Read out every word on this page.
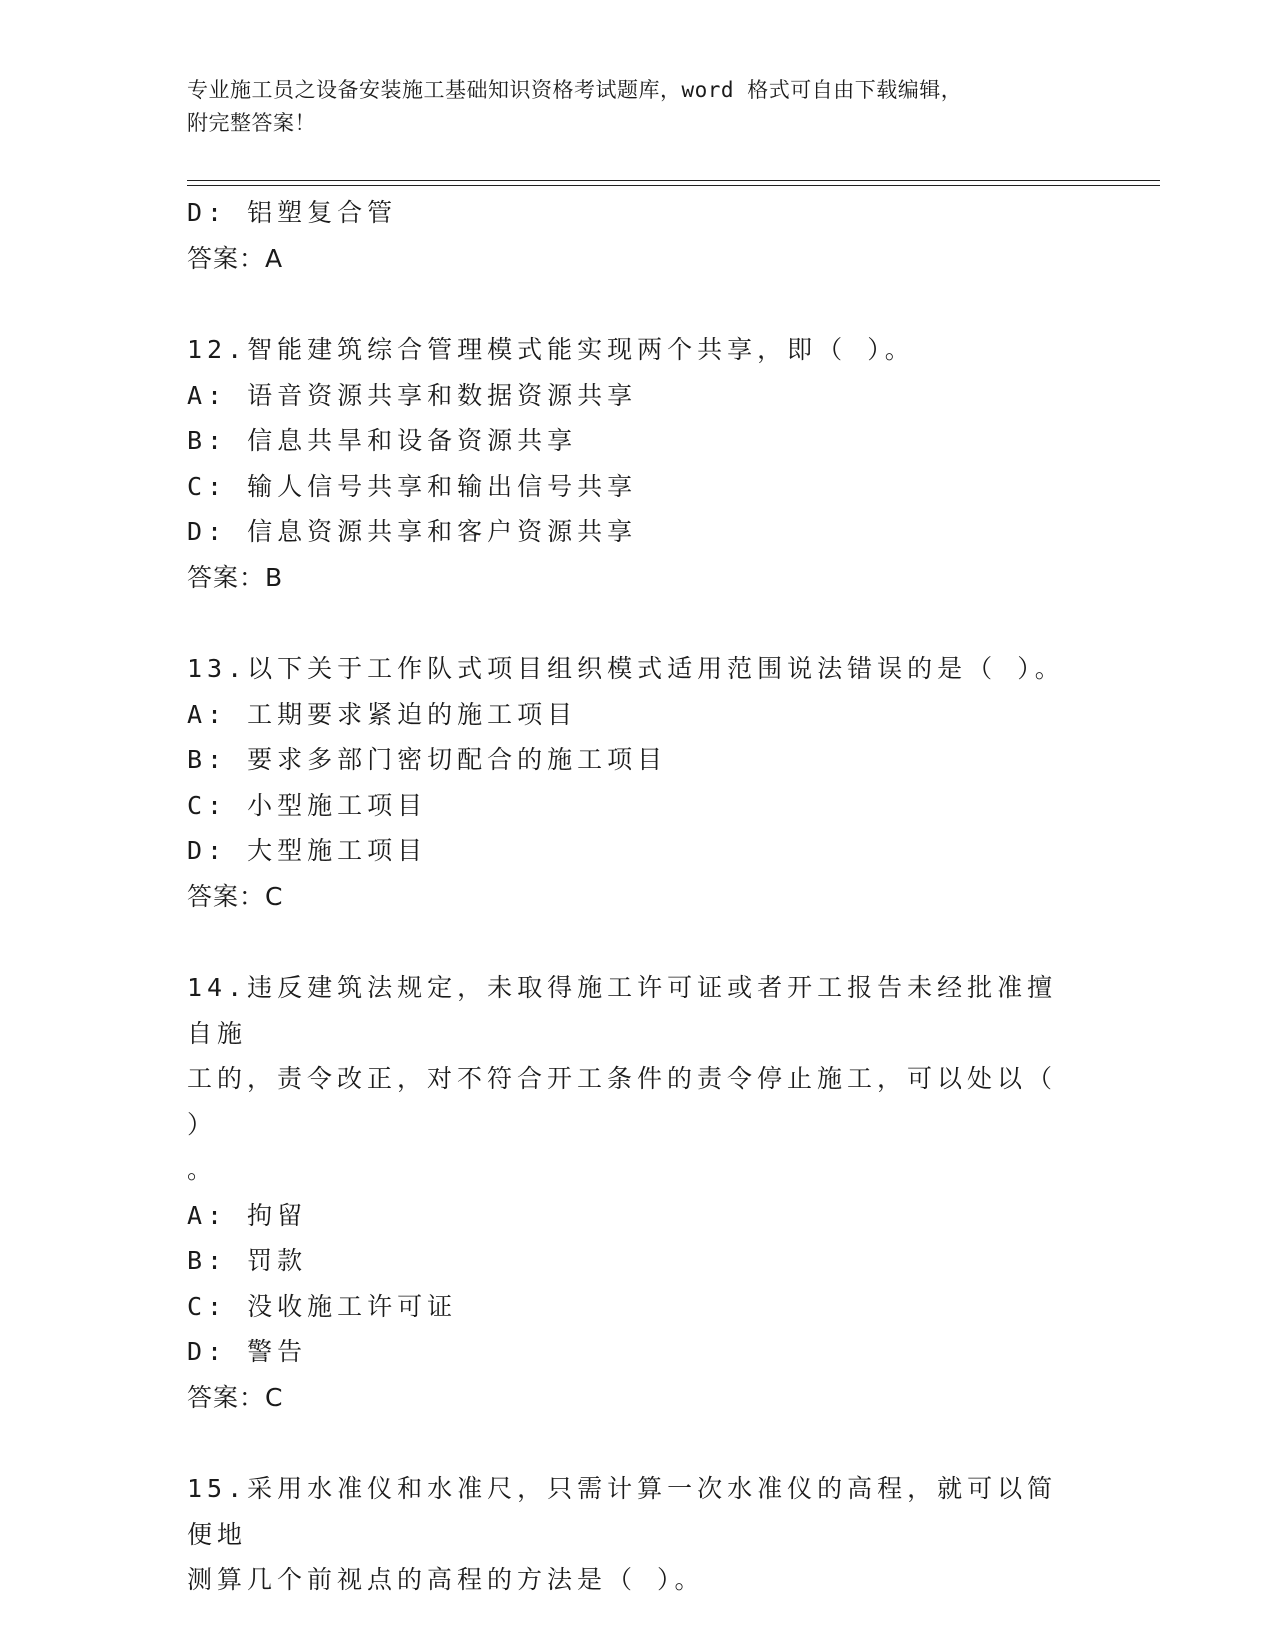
专业施工员之设备安装施工基础知识资格考试题库，word 格式可自由下载编辑，
附完整答案！
D: 铝塑复合管
答案：A
12.智能建筑综合管理模式能实现两个共享，即（ ）。
A: 语音资源共享和数据资源共享
B: 信息共旱和设备资源共享
C: 输人信号共享和输出信号共享
D: 信息资源共享和客户资源共享
答案：B
13.以下关于工作队式项目组织模式适用范围说法错误的是（ ）。
A: 工期要求紧迫的施工项目
B: 要求多部门密切配合的施工项目
C: 小型施工项目
D: 大型施工项目
答案：C
14.违反建筑法规定，未取得施工许可证或者开工报告未经批准擅自施
工的，责令改正，对不符合开工条件的责令停止施工，可以处以（ ）
。
A: 拘留
B: 罚款
C: 没收施工许可证
D: 警告
答案：C
15.采用水准仪和水准尺，只需计算一次水准仪的高程，就可以简便地
测算几个前视点的高程的方法是（ ）。
